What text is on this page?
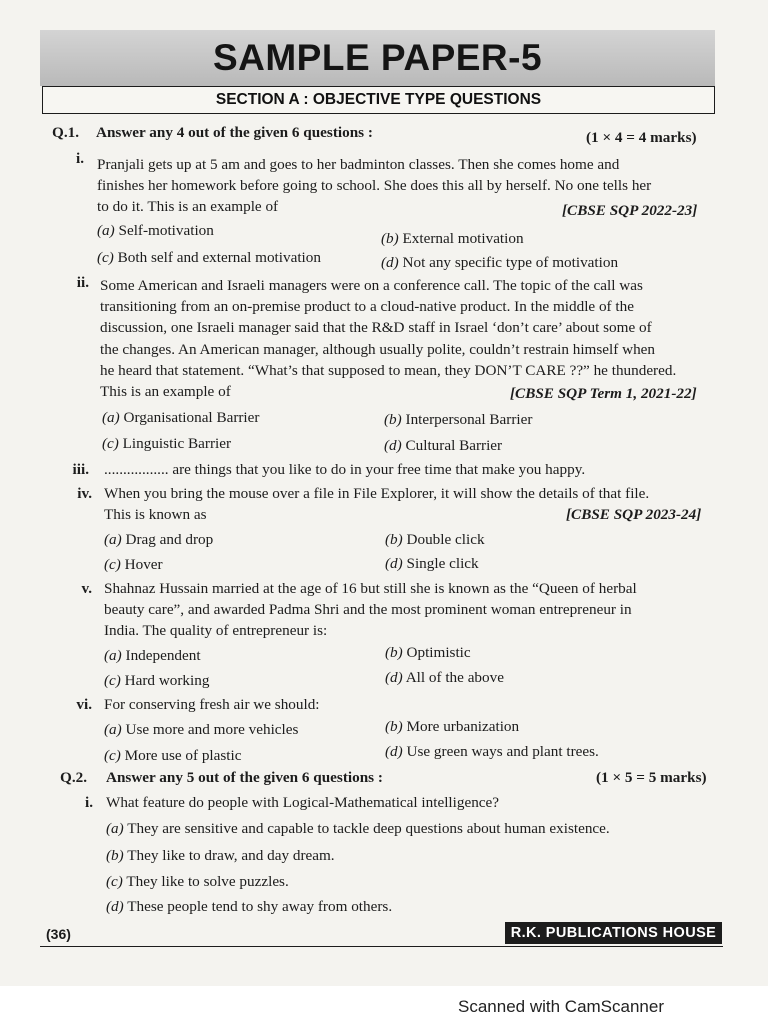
SAMPLE PAPER-5
SECTION A : OBJECTIVE TYPE QUESTIONS
Q.1. Answer any 4 out of the given 6 questions :	(1 × 4 = 4 marks)
i. Pranjali gets up at 5 am and goes to her badminton classes. Then she comes home and
finishes her homework before going to school. She does this all by herself. No one tells her
to do it. This is an example of	[CBSE SQP 2022-23]
(a) Self-motivation	(b) External motivation
(c) Both self and external motivation	(d) Not any specific type of motivation
ii. Some American and Israeli managers were on a conference call. The topic of the call was
transitioning from an on-premise product to a cloud-native product. In the middle of the
discussion, one Israeli manager said that the R&D staff in Israel ‘don’t care’ about some of
the changes. An American manager, although usually polite, couldn’t restrain himself when
he heard that statement. “What’s that supposed to mean, they DON’T CARE ??” he thundered.
This is an example of	[CBSE SQP Term 1, 2021-22]
(a) Organisational Barrier	(b) Interpersonal Barrier
(c) Linguistic Barrier	(d) Cultural Barrier
iii. ................. are things that you like to do in your free time that make you happy.
iv. When you bring the mouse over a file in File Explorer, it will show the details of that file.
This is known as	[CBSE SQP 2023-24]
(a) Drag and drop	(b) Double click
(c) Hover	(d) Single click
v. Shahnaz Hussain married at the age of 16 but still she is known as the “Queen of herbal
beauty care”, and awarded Padma Shri and the most prominent woman entrepreneur in
India. The quality of entrepreneur is:
(a) Independent	(b) Optimistic
(c) Hard working	(d) All of the above
vi. For conserving fresh air we should:
(a) Use more and more vehicles	(b) More urbanization
(c) More use of plastic	(d) Use green ways and plant trees.
Q.2. Answer any 5 out of the given 6 questions :	(1 × 5 = 5 marks)
i. What feature do people with Logical-Mathematical intelligence?
(a) They are sensitive and capable to tackle deep questions about human existence.
(b) They like to draw, and day dream.
(c) They like to solve puzzles.
(d) These people tend to shy away from others.
(36)	R.K. PUBLICATIONS HOUSE
Scanned with CamScanner
